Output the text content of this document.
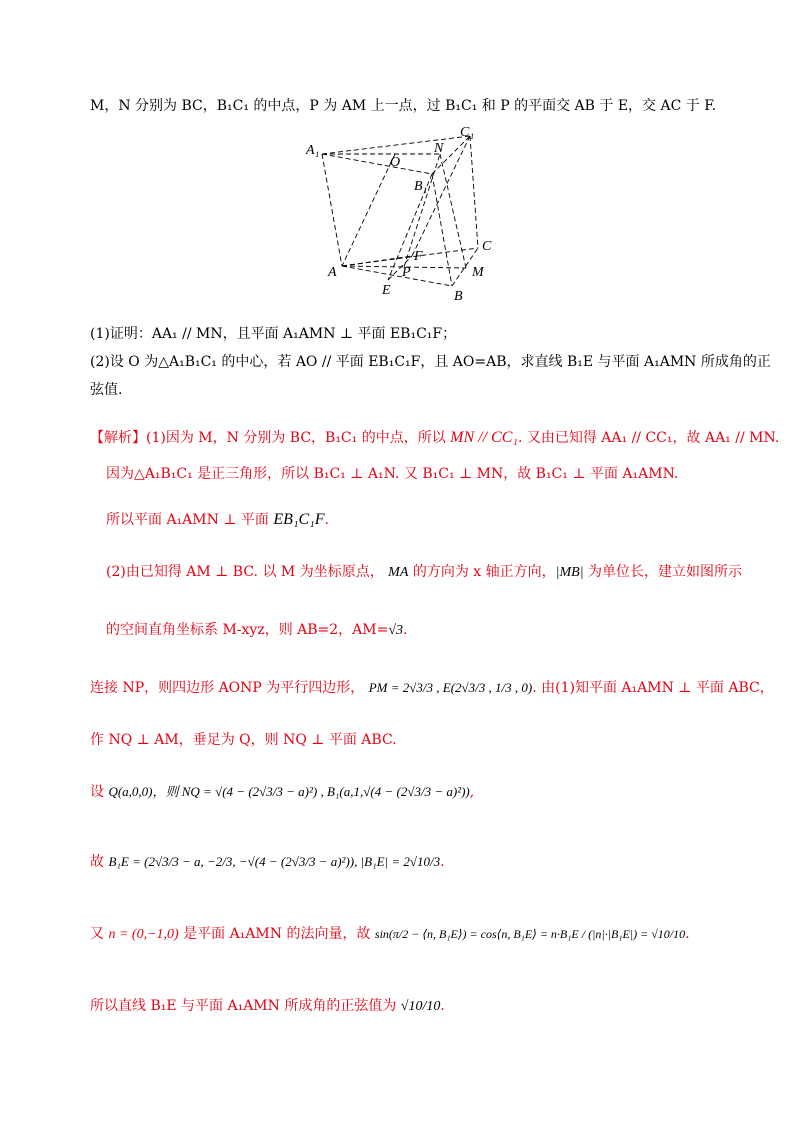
M，N 分别为 BC，B₁C₁ 的中点，P 为 AM 上一点，过 B₁C₁ 和 P 的平面交 AB 于 E，交 AC 于 F.
A₁
C₁
O
N
B₁
C
F
A	P	M
E	B
(1)证明：AA₁ // MN，且平面 A₁AMN ⊥ 平面 EB₁C₁F；
(2)设 O 为△A₁B₁C₁ 的中心，若 AO // 平面 EB₁C₁F，且 AO=AB，求直线 B₁E 与平面 A₁AMN 所成角的正
弦值.
【解析】(1)因为 M，N 分别为 BC，B₁C₁ 的中点，所以 MN // CC₁. 又由已知得 AA₁ // CC₁，故 AA₁ // MN.
因为△A₁B₁C₁ 是正三角形，所以 B₁C₁ ⊥ A₁N. 又 B₁C₁ ⊥ MN，故 B₁C₁ ⊥ 平面 A₁AMN.
所以平面 A₁AMN ⊥ 平面 EB₁C₁F.
(2)由已知得 AM ⊥ BC. 以 M 为坐标原点， MA 的方向为 x 轴正方向，|MB| 为单位长，建立如图所示
的空间直角坐标系 M-xyz，则 AB=2，AM=√3.
连接 NP，则四边形 AONP 为平行四边形， PM = 2√3/3 , E(2√3/3 , 1/3 , 0). 由(1)知平面 A₁AMN ⊥ 平面 ABC，
作 NQ ⊥ AM，垂足为 Q，则 NQ ⊥ 平面 ABC.
设 Q(a,0,0)，则 NQ = √(4 − (2√3/3 − a)²) , B₁(a,1,√(4 − (2√3/3 − a)²)),
故 B₁E = (2√3/3 − a, −2/3, −√(4 − (2√3/3 − a)²)), |B₁E| = 2√10/3.
又 n = (0,−1,0) 是平面 A₁AMN 的法向量，故 sin(π/2 − ⟨n, B₁E⟩) = cos⟨n, B₁E⟩ = n·B₁E / (|n|·|B₁E|) = √10/10.
所以直线 B₁E 与平面 A₁AMN 所成角的正弦值为 √10/10.
